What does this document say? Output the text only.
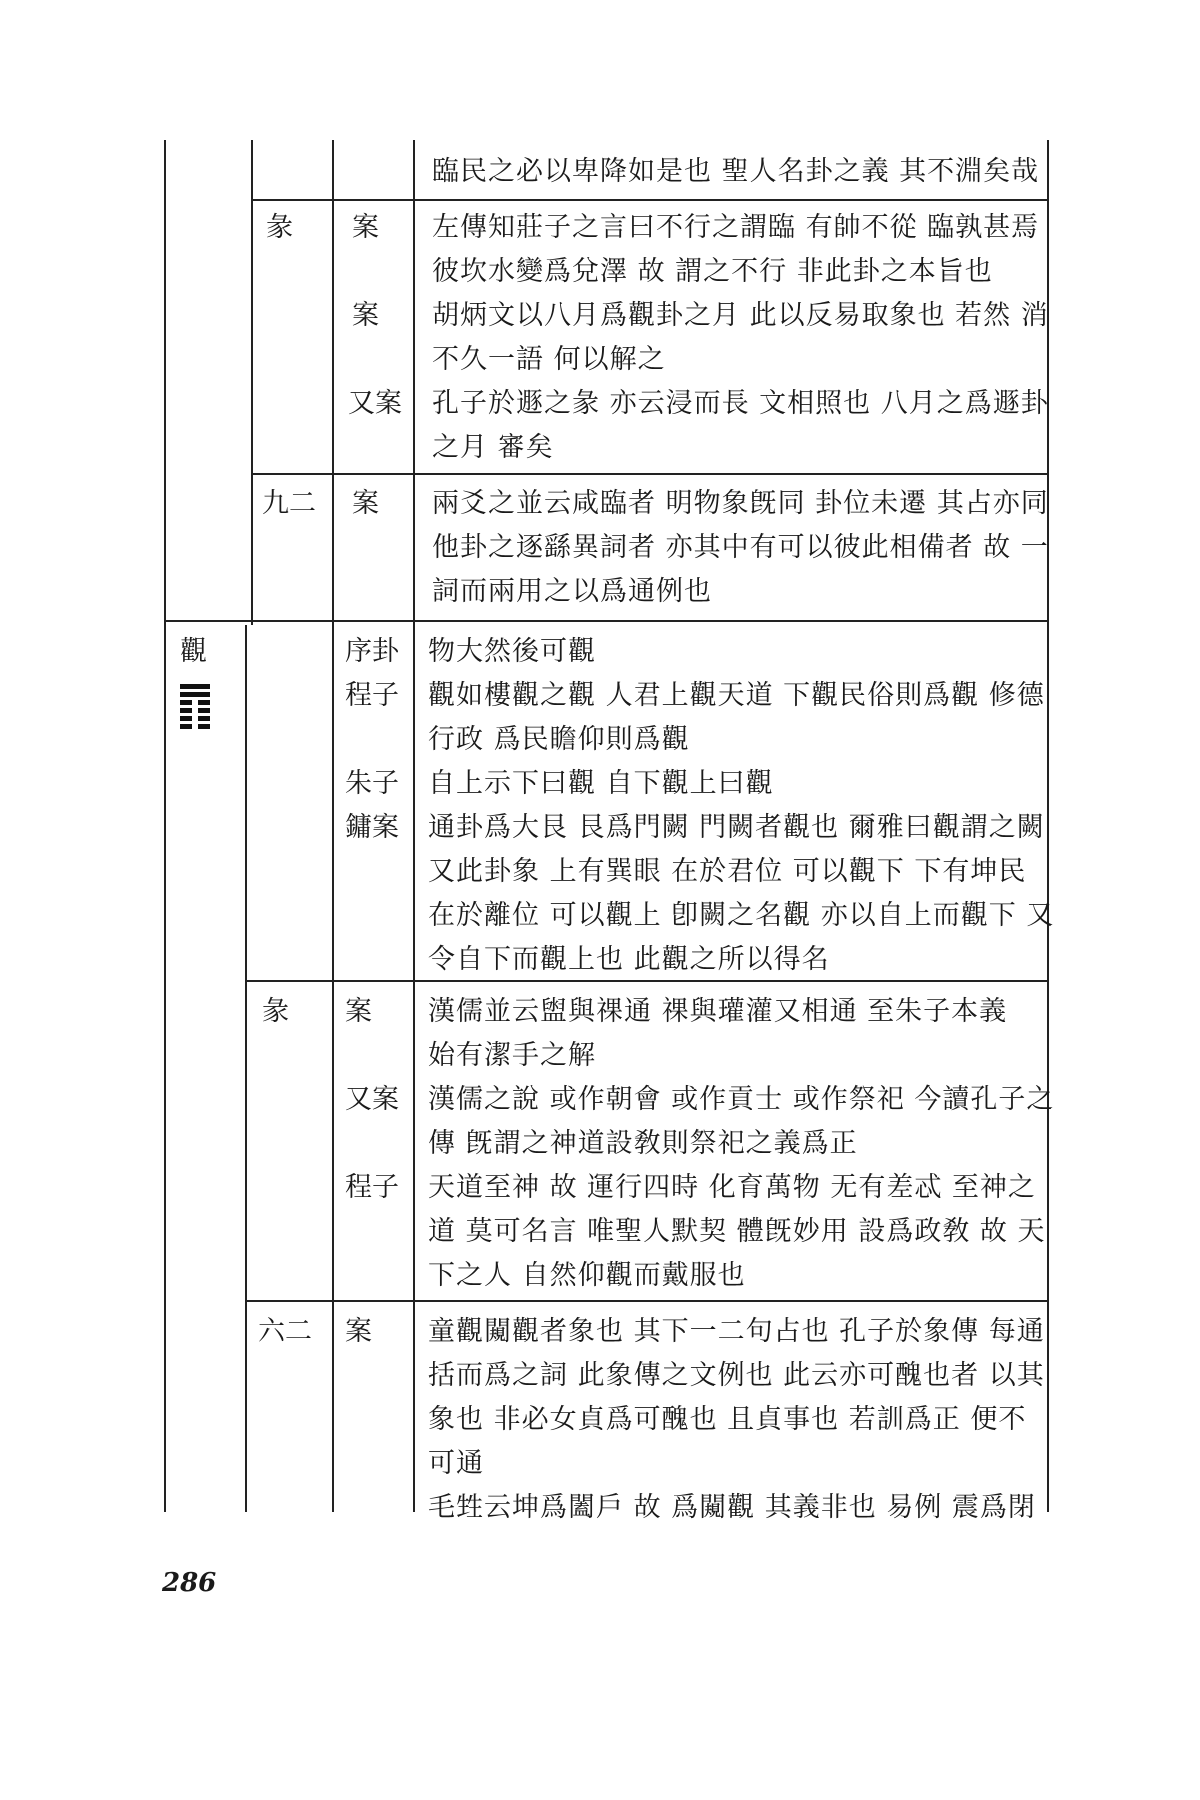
觀
臨民之必以卑降如是也 聖人名卦之義 其不淵矣哉
彖 案 左傳知莊子之言曰不行之謂臨 有帥不從 臨孰甚焉
彼坎水變爲兌澤 故 謂之不行 非此卦之本旨也
案 胡炳文以八月爲觀卦之月 此以反易取象也 若然 消
不久一語 何以解之
又案 孔子於遯之彖 亦云浸而長 文相照也 八月之爲遯卦
之月 審矣
九二 案 兩爻之並云咸臨者 明物象旣同 卦位未遷 其占亦同
他卦之逐繇異詞者 亦其中有可以彼此相備者 故 一
詞而兩用之以爲通例也
序卦 物大然後可觀
程子 觀如樓觀之觀 人君上觀天道 下觀民俗則爲觀 修德
行政 爲民瞻仰則爲觀
朱子 自上示下曰觀 自下觀上曰觀
鏞案 通卦爲大艮 艮爲門闕 門闕者觀也 爾雅曰觀謂之闕
又此卦象 上有巽眼 在於君位 可以觀下 下有坤民
在於離位 可以觀上 卽闕之名觀 亦以自上而觀下 又
令自下而觀上也 此觀之所以得名
彖 案 漢儒並云盥與祼通 祼與瓘灌又相通 至朱子本義
始有潔手之解
又案 漢儒之說 或作朝會 或作貢士 或作祭祀 今讀孔子之
傳 旣謂之神道設敎則祭祀之義爲正
程子 天道至神 故 運行四時 化育萬物 无有差忒 至神之
道 莫可名言 唯聖人默契 體旣妙用 設爲政敎 故 天
下之人 自然仰觀而戴服也
六二 案 童觀闚觀者象也 其下一二句占也 孔子於象傳 每通
括而爲之詞 此象傳之文例也 此云亦可醜也者 以其
象也 非必女貞爲可醜也 且貞事也 若訓爲正 便不
可通
毛甡云坤爲闔戶 故 爲闚觀 其義非也 易例 震爲閉
286
